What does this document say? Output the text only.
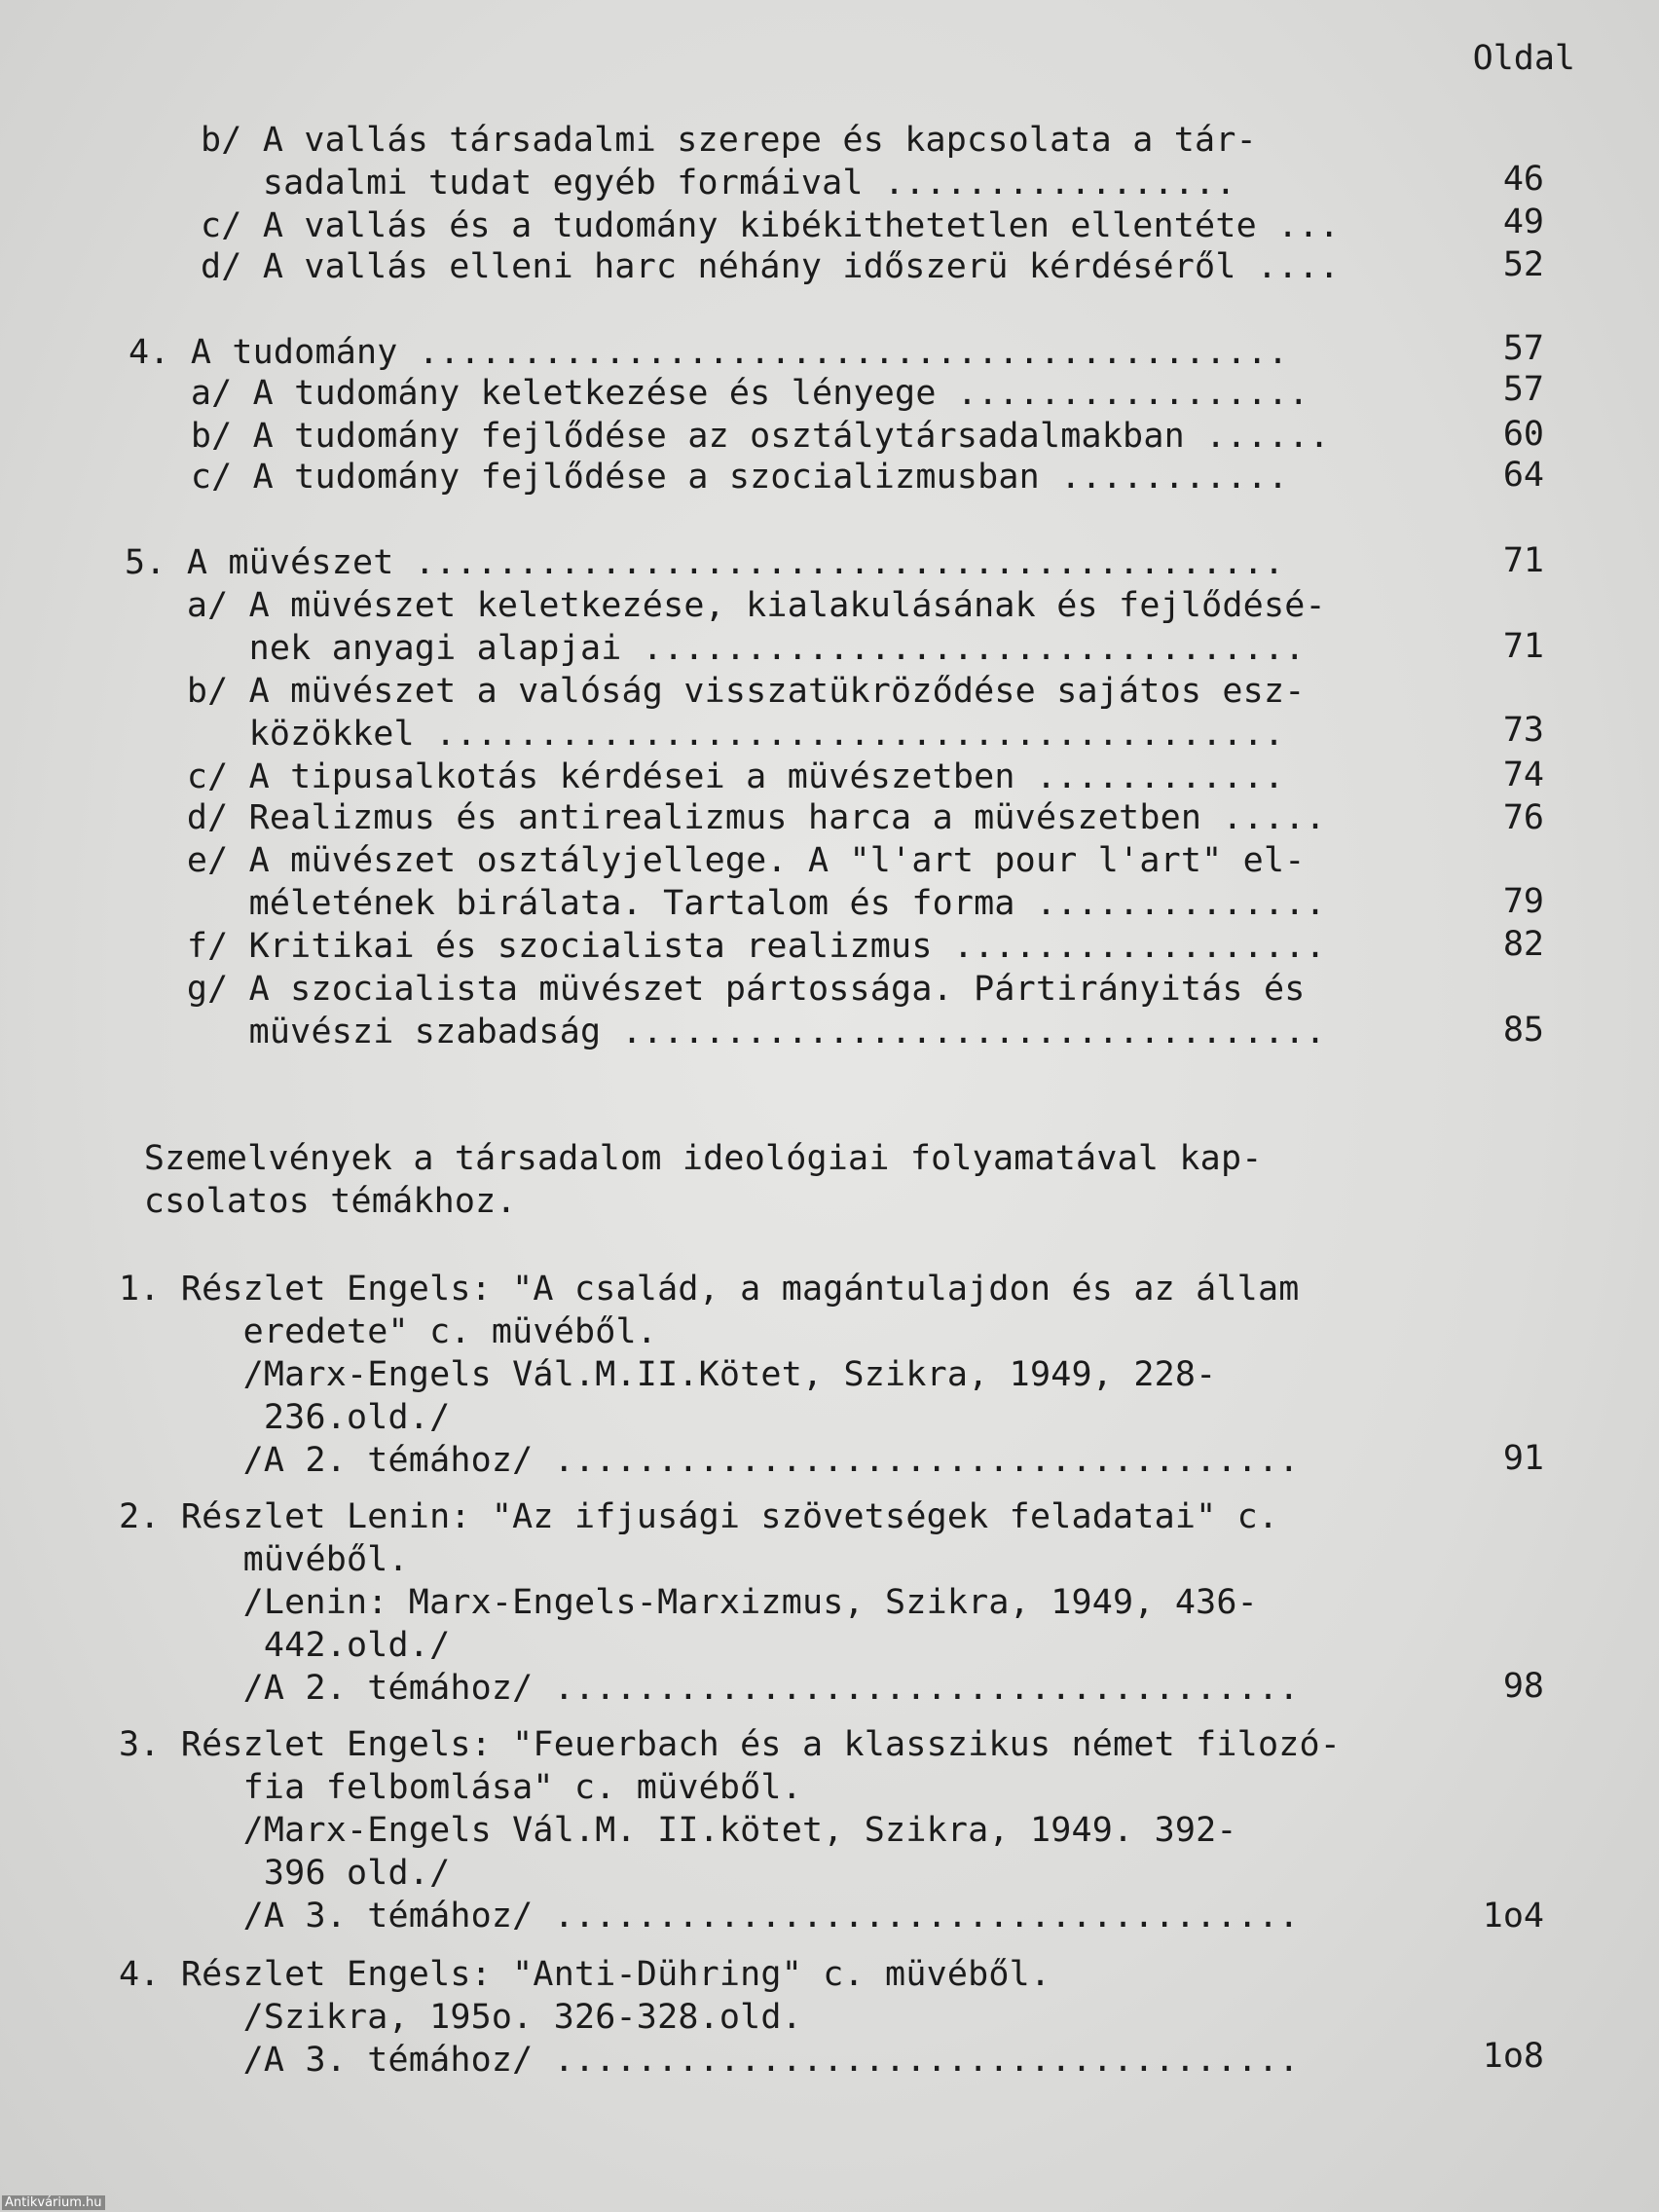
Oldal
b/ A vallás társadalmi szerepe és kapcsolata a tár-
sadalmi tudat egyéb formáival .................	46
c/ A vallás és a tudomány kibékithetetlen ellentéte ...	49
d/ A vallás elleni harc néhány időszerü kérdéséről ....	52
4. A tudomány ..........................................	57
a/ A tudomány keletkezése és lényege .................	57
b/ A tudomány fejlődése az osztálytársadalmakban ......	60
c/ A tudomány fejlődése a szocializmusban ...........	64
5. A müvészet ..........................................	71
a/ A müvészet keletkezése, kialakulásának és fejlődésé-
nek anyagi alapjai ................................	71
b/ A müvészet a valóság visszatükröződése sajátos esz-
közökkel .........................................	73
c/ A tipusalkotás kérdései a müvészetben ............	74
d/ Realizmus és antirealizmus harca a müvészetben .....	76
e/ A müvészet osztályjellege. A "l'art pour l'art" el-
méletének birálata. Tartalom és forma ..............	79
f/ Kritikai és szocialista realizmus ..................	82
g/ A szocialista müvészet pártossága. Pártirányitás és
müvészi szabadság ..................................	85
Szemelvények a társadalom ideológiai folyamatával kap-
csolatos témákhoz.
1. Részlet Engels: "A család, a magántulajdon és az állam
eredete" c. müvéből.
/Marx-Engels Vál.M.II.Kötet, Szikra, 1949, 228-
236.old./
/A 2. témához/ ....................................	91
2. Részlet Lenin: "Az ifjusági szövetségek feladatai" c.
müvéből.
/Lenin: Marx-Engels-Marxizmus, Szikra, 1949, 436-
442.old./
/A 2. témához/ ....................................	98
3. Részlet Engels: "Feuerbach és a klasszikus német filozó-
fia felbomlása" c. müvéből.
/Marx-Engels Vál.M. II.kötet, Szikra, 1949. 392-
396 old./
/A 3. témához/ ....................................	1o4
4. Részlet Engels: "Anti-Dühring" c. müvéből.
/Szikra, 195o. 326-328.old.
/A 3. témához/ ....................................	1o8
Antikvárium.hu
